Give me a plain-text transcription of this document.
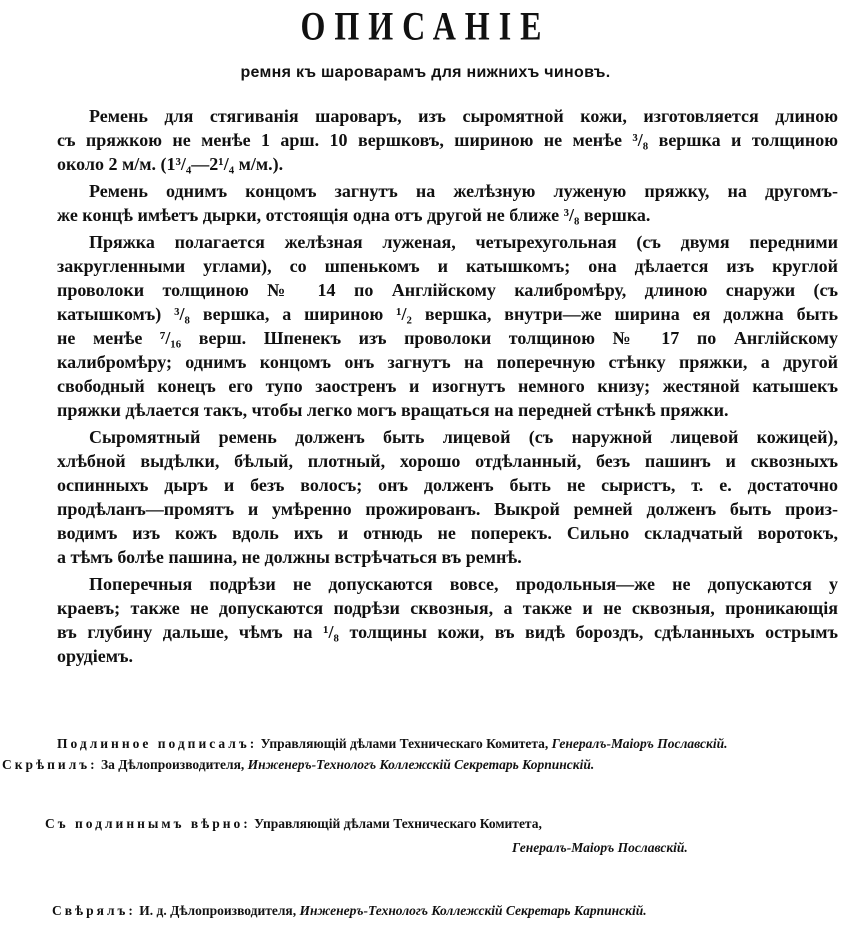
ОПИСАНІЕ
ремня къ шароварамъ для нижнихъ чиновъ.
Ремень для стягиванія шароваръ, изъ сыромятной кожи, изготовляется длиною
съ пряжкою не менѣе 1 арш. 10 вершковъ, шириною не менѣе ³/₈ вершка и толщиною
около 2 м/м. (1³/₄—2¹/₄ м/м.).
Ремень однимъ концомъ загнутъ на желѣзную луженую пряжку, на другомъ-
же концѣ имѣетъ дырки, отстоящія одна отъ другой не ближе ³/₈ вершка.
Пряжка полагается желѣзная луженая, четырехугольная (съ двумя передними
закругленными углами), со шпенькомъ и катышкомъ; она дѣлается изъ круглой
проволоки толщиною № 14 по Англійскому калибромѣру, длиною снаружи (съ
катышкомъ) ³/₈ вершка, а шириною ¹/₂ вершка, внутри—же ширина ея должна быть
не менѣе ⁷/₁₆ верш. Шпенекъ изъ проволоки толщиною № 17 по Англійскому
калибромѣру; однимъ концомъ онъ загнутъ на поперечную стѣнку пряжки, а другой
свободный конецъ его тупо заостренъ и изогнутъ немного книзу; жестяной катышекъ
пряжки дѣлается такъ, чтобы легко могъ вращаться на передней стѣнкѣ пряжки.
Сыромятный ремень долженъ быть лицевой (съ наружной лицевой кожицей),
хлѣбной выдѣлки, бѣлый, плотный, хорошо отдѣланный, безъ пашинъ и сквозныхъ
оспинныхъ дыръ и безъ волосъ; онъ долженъ быть не сыристъ, т. е. достаточно
продѣланъ—промятъ и умѣренно прожированъ. Выкрой ремней долженъ быть произ-
водимъ изъ кожъ вдоль ихъ и отнюдь не поперекъ. Сильно складчатый воротокъ,
а тѣмъ болѣе пашина, не должны встрѣчаться въ ремнѣ.
Поперечныя подрѣзи не допускаются вовсе, продольныя—же не допускаются у
краевъ; также не допускаются подрѣзи сквозныя, а также и не сквозныя, проникающія
въ глубину дальше, чѣмъ на ¹/₈ толщины кожи, въ видѣ бороздъ, сдѣланныхъ острымъ
орудіемъ.
Подлинное подписалъ: Управляющій дѣлами Техническаго Комитета, Генералъ-Маіоръ Пославскій.
Скрѣпилъ: За Дѣлопроизводителя, Инженеръ-Технологъ Коллежскій Секретарь Корпинскій.
Съ подлиннымъ вѣрно: Управляющій дѣлами Техническаго Комитета,
Генералъ-Маіоръ Пославскій.
Свѣрялъ: И. д. Дѣлопроизводителя, Инженеръ-Технологъ Коллежскій Секретарь Карпинскій.
